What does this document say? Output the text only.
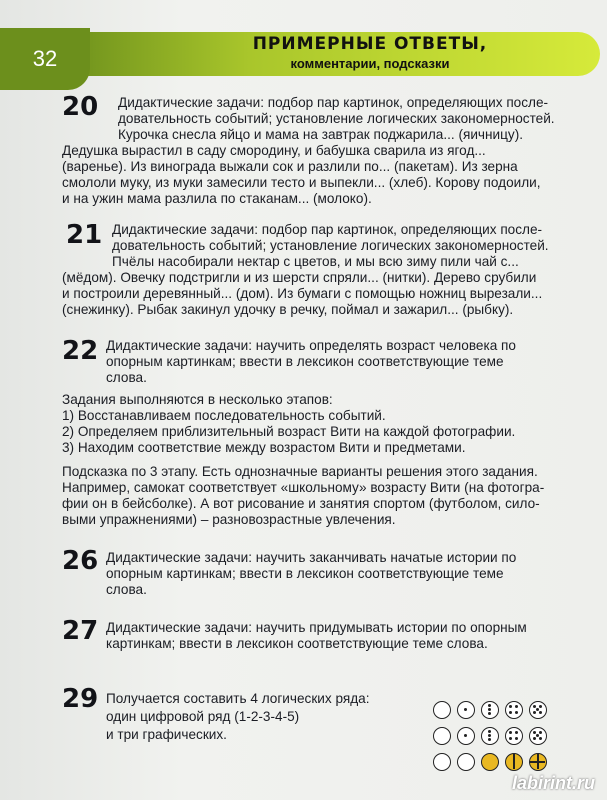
32
ПРИМЕРНЫЕ ОТВЕТЫ,
комментарии, подсказки
20	Дидактические задачи: подбор пар картинок, определяющих после-
довательность событий; установление логических закономерностей.
Курочка снесла яйцо и мама на завтрак поджарила... (яичницу).
Дедушка вырастил в саду смородину, и бабушка сварила из ягод...
(варенье). Из винограда выжали сок и разлили по... (пакетам). Из зерна
смололи муку, из муки замесили тесто и выпекли... (хлеб). Корову подоили,
и на ужин мама разлила по стаканам... (молоко).
21 Дидактические задачи: подбор пар картинок, определяющих после-
довательность событий; установление логических закономерностей.
Пчёлы насобирали нектар с цветов, и мы всю зиму пили чай с...
(мёдом). Овечку подстригли и из шерсти спряли... (нитки). Дерево срубили
и построили деревянный... (дом). Из бумаги с помощью ножниц вырезали...
(снежинку). Рыбак закинул удочку в речку, поймал и зажарил... (рыбку).
22 Дидактические задачи: научить определять возраст человека по
опорным картинкам; ввести в лексикон соответствующие теме
слова.
Задания выполняются в несколько этапов:
1) Восстанавливаем последовательность событий.
2) Определяем приблизительный возраст Вити на каждой фотографии.
3) Находим соответствие между возрастом Вити и предметами.
Подсказка по 3 этапу. Есть однозначные варианты решения этого задания.
Например, самокат соответствует «школьному» возрасту Вити (на фотогра-
фии он в бейсболке). А вот рисование и занятия спортом (футболом, сило-
выми упражнениями) – разновозрастные увлечения.
26 Дидактические задачи: научить заканчивать начатые истории по
опорным картинкам; ввести в лексикон соответствующие теме
слова.
27 Дидактические задачи: научить придумывать истории по опорным
картинкам; ввести в лексикон соответствующие теме слова.
29 Получается составить 4 логических ряда:
один цифровой ряд (1-2-3-4-5)
и три графических.
labirint.ru
